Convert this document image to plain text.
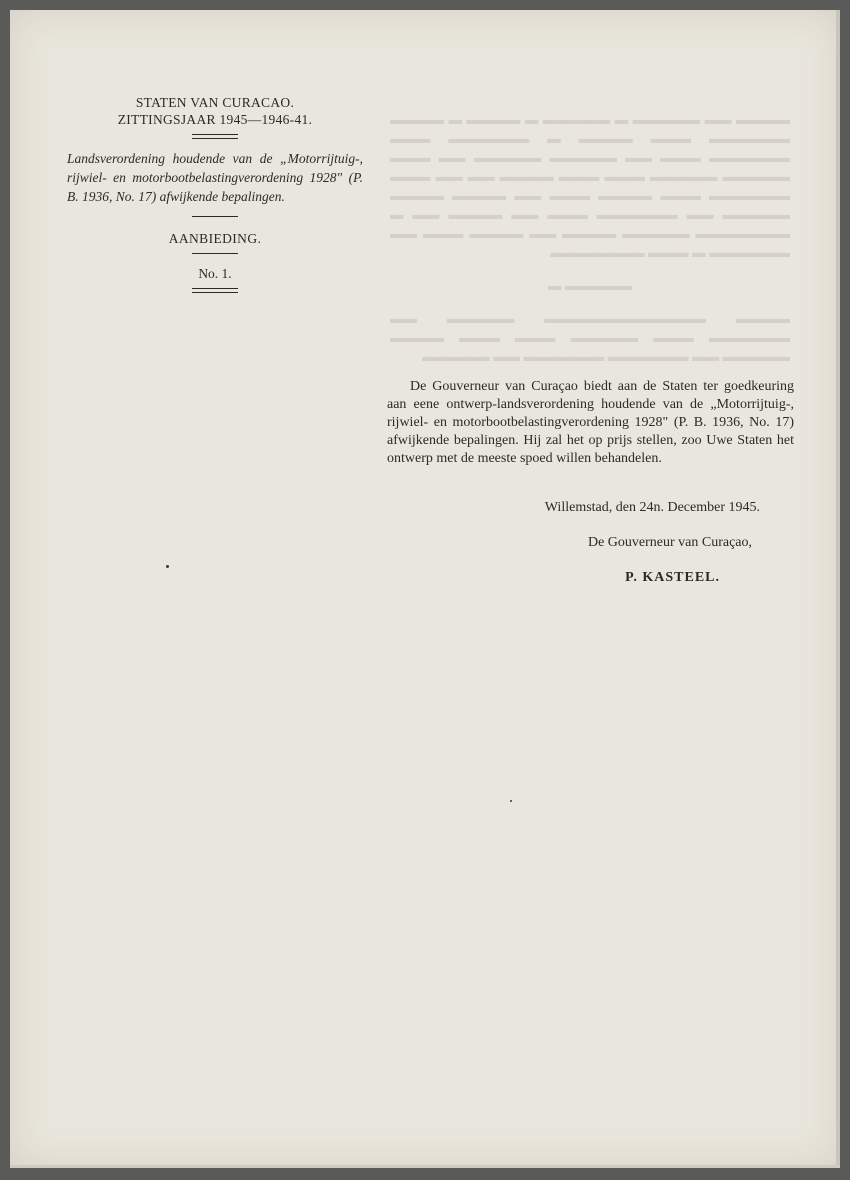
▬▬▬▬ ▬▬ ▬▬▬▬▬ ▬ ▬▬▬▬▬ ▬ ▬▬▬▬ ▬ ▬▬▬▬ ▬▬▬▬▬▬ ▬▬▬ ▬▬▬▬ ▬ ▬▬▬▬▬▬ ▬▬▬ ▬▬▬▬▬▬ ▬▬▬ ▬▬ ▬▬▬▬▬ ▬▬▬▬▬ ▬▬ ▬▬▬ ▬▬▬▬▬ ▬▬▬▬▬ ▬▬▬ ▬▬▬ ▬▬▬▬ ▬▬ ▬▬ ▬▬▬ ▬▬▬▬▬▬ ▬▬▬ ▬▬▬▬ ▬▬▬ ▬▬ ▬▬▬▬ ▬▬▬▬ ▬▬▬▬▬ ▬▬ ▬▬▬▬▬▬ ▬▬▬ ▬▬ ▬▬▬▬ ▬▬ ▬ ▬▬▬▬▬▬▬ ▬▬▬▬▬ ▬▬▬▬ ▬▬ ▬▬▬▬ ▬▬▬ ▬▬ ▬▬▬▬▬▬ ▬ ▬▬▬ ▬▬▬▬▬▬▬

▬▬▬▬▬ ▬

▬▬▬▬ ▬▬▬▬▬▬▬▬▬▬▬▬ ▬▬▬▬▬ ▬▬ ▬▬▬▬▬▬ ▬▬▬ ▬▬▬▬▬ ▬▬▬ ▬▬▬ ▬▬▬▬ ▬▬▬▬▬ ▬▬ ▬▬▬▬▬▬ ▬▬▬▬▬▬ ▬▬ ▬▬▬▬▬

STATEN VAN CURACAO.
ZITTINGSJAAR 1945—1946-41.
Landsverordening houdende van de „Motorrijtuig-, rijwiel- en motorbootbelastingverordening 1928" (P. B. 1936, No. 17) afwijkende bepalingen.
AANBIEDING.
No. 1.

De Gouverneur van Curaçao biedt aan de Staten ter goedkeuring aan eene ontwerp-landsverordening houdende van de „Motorrijtuig-, rijwiel- en motorbootbelastingverordening 1928" (P. B. 1936, No. 17) afwijkende bepalingen. Hij zal het op prijs stellen, zoo Uwe Staten het ontwerp met de meeste spoed willen behandelen.

Willemstad, den 24n. December 1945.
De Gouverneur van Curaçao,
P. KASTEEL.
